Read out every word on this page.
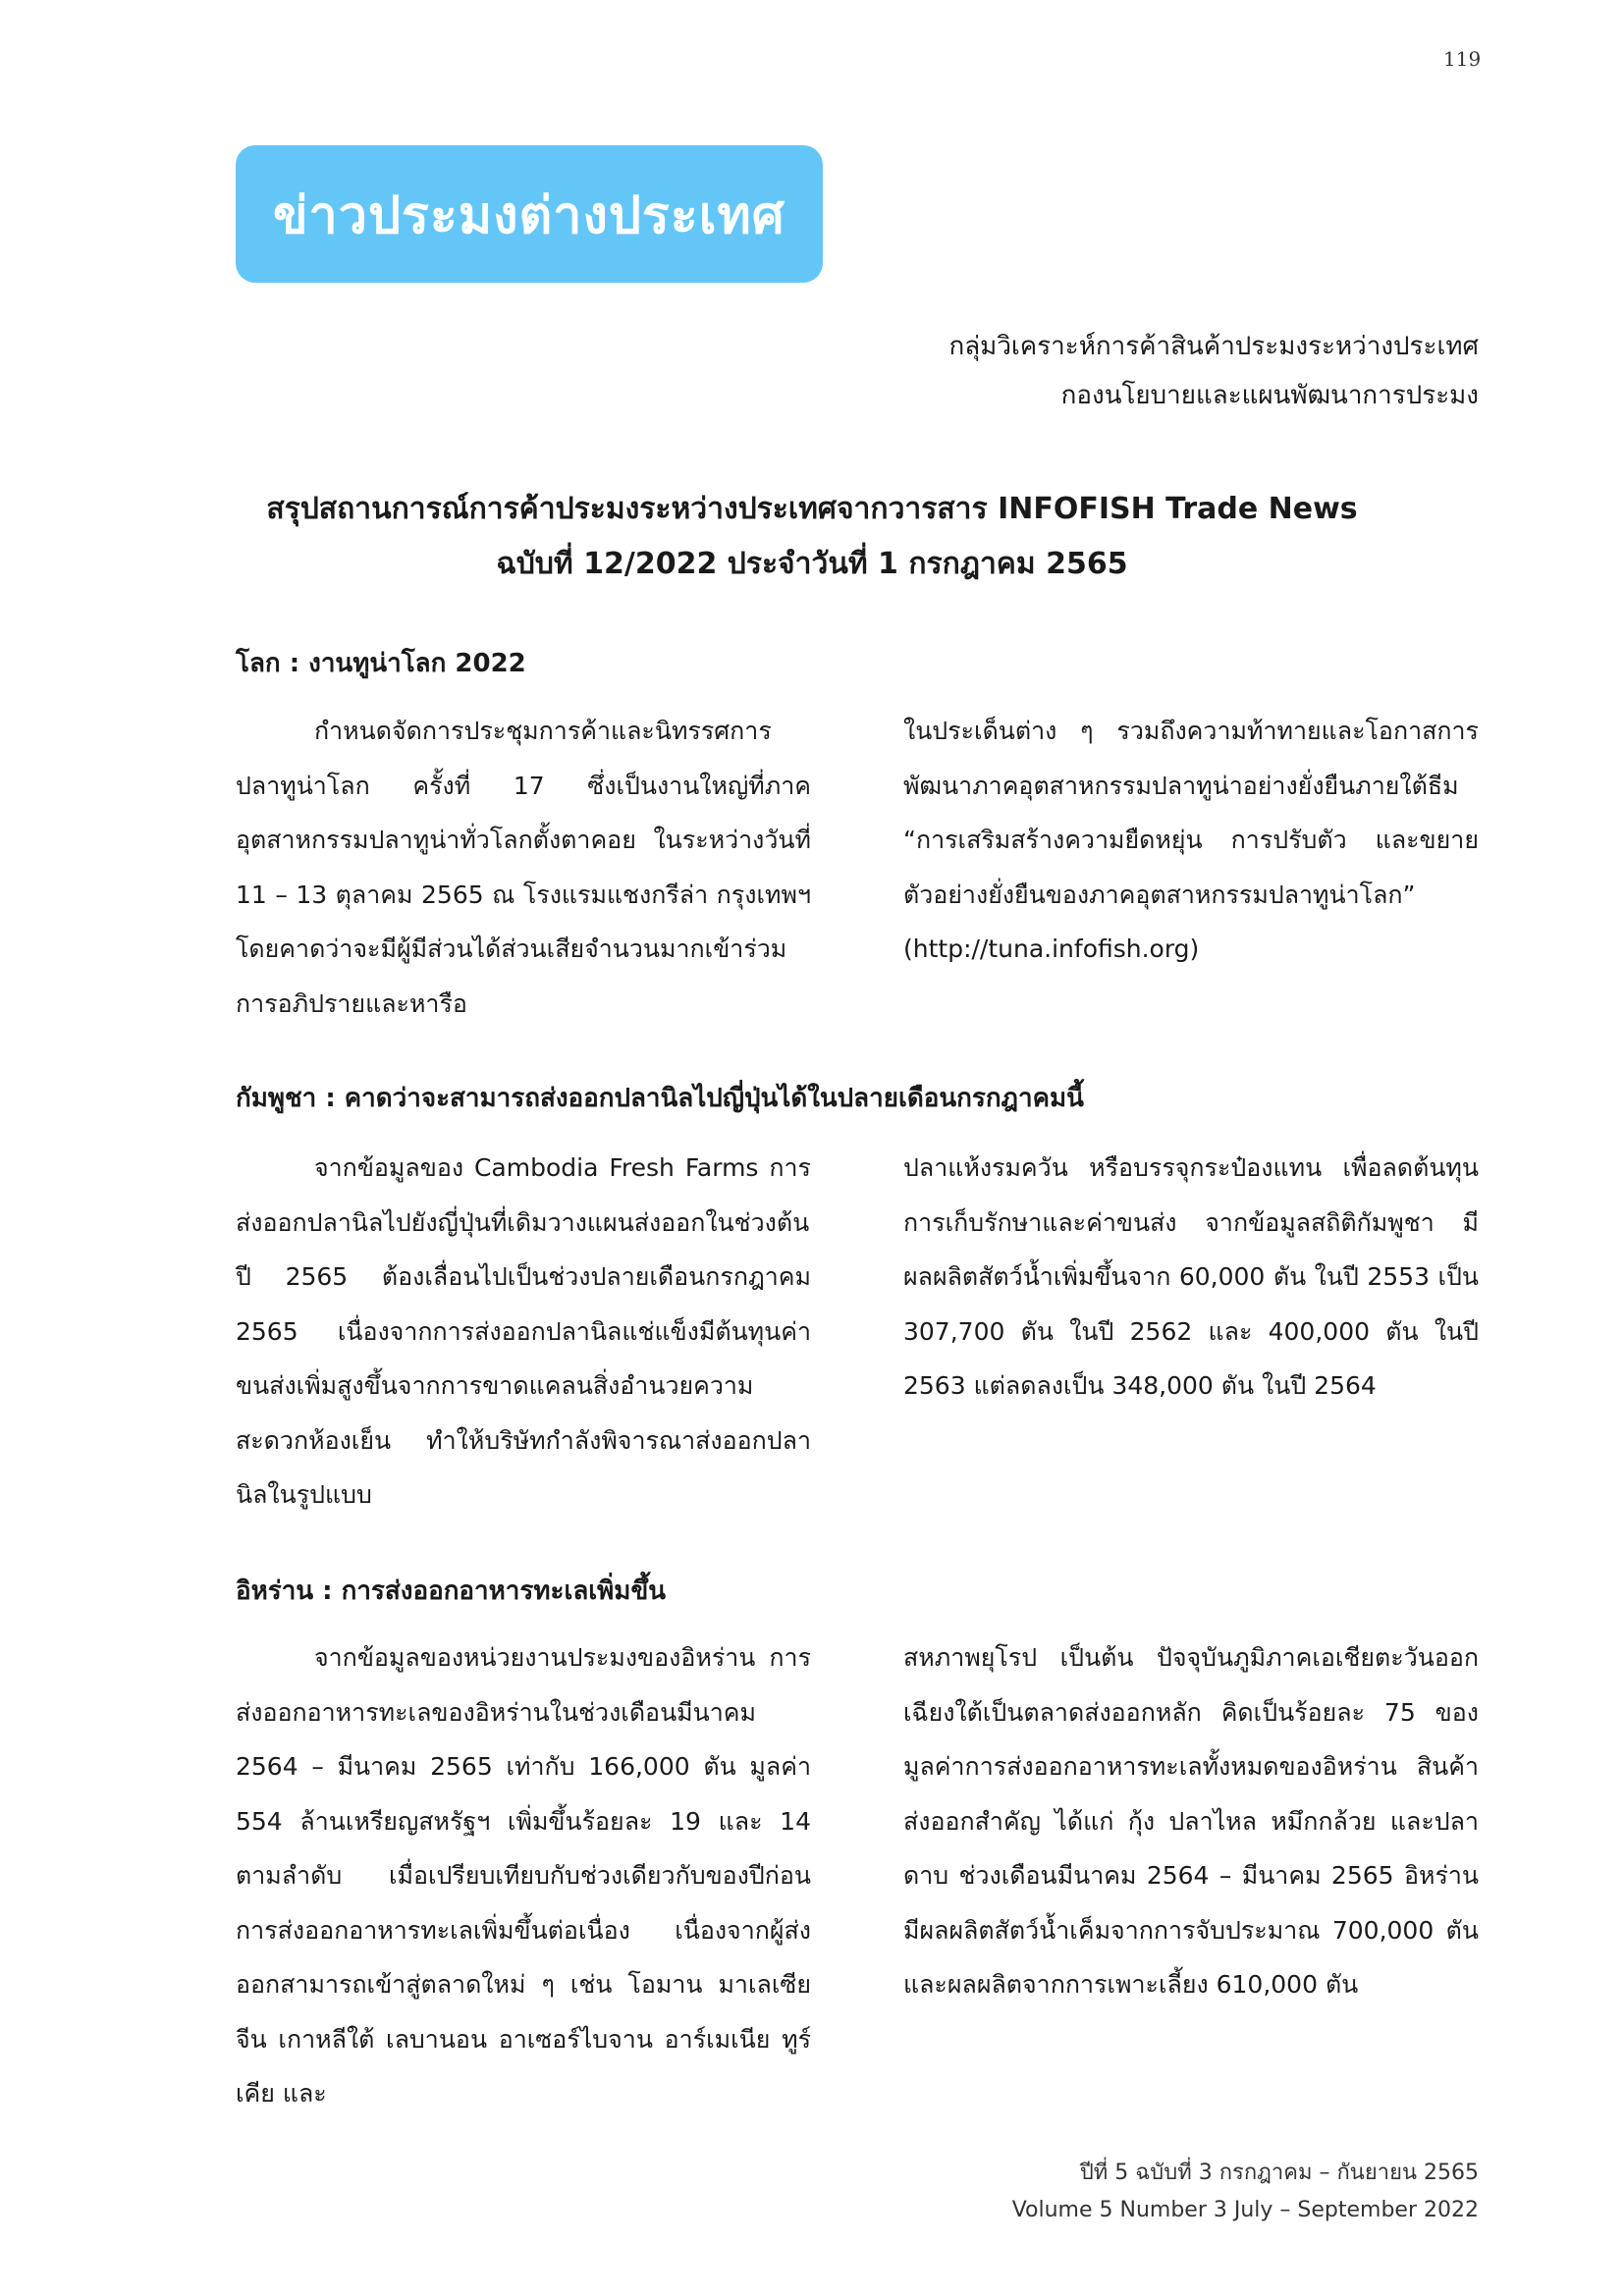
119
ข่าวประมงต่างประเทศ
กลุ่มวิเคราะห์การค้าสินค้าประมงระหว่างประเทศ
กองนโยบายและแผนพัฒนาการประมง
สรุปสถานการณ์การค้าประมงระหว่างประเทศจากวารสาร INFOFISH Trade News
ฉบับที่ 12/2022 ประจำวันที่ 1 กรกฎาคม 2565
โลก : งานทูน่าโลก 2022
กำหนดจัดการประชุมการค้าและนิทรรศการปลาทูน่าโลก ครั้งที่ 17 ซึ่งเป็นงานใหญ่ที่ภาคอุตสาหกรรมปลาทูน่าทั่วโลกตั้งตาคอย ในระหว่างวันที่ 11 – 13 ตุลาคม 2565 ณ โรงแรมแชงกรีล่า กรุงเทพฯ โดยคาดว่าจะมีผู้มีส่วนได้ส่วนเสียจำนวนมากเข้าร่วมการอภิปรายและหารือ
ในประเด็นต่าง ๆ รวมถึงความท้าทายและโอกาสการพัฒนาภาคอุตสาหกรรมปลาทูน่าอย่างยั่งยืนภายใต้ธีม “การเสริมสร้างความยืดหยุ่น การปรับตัว และขยายตัวอย่างยั่งยืนของภาคอุตสาหกรรมปลาทูน่าโลก” (http://tuna.infofish.org)
กัมพูชา : คาดว่าจะสามารถส่งออกปลานิลไปญี่ปุ่นได้ในปลายเดือนกรกฎาคมนี้
จากข้อมูลของ Cambodia Fresh Farms การส่งออกปลานิลไปยังญี่ปุ่นที่เดิมวางแผนส่งออกในช่วงต้นปี 2565 ต้องเลื่อนไปเป็นช่วงปลายเดือนกรกฎาคม 2565 เนื่องจากการส่งออกปลานิลแช่แข็งมีต้นทุนค่าขนส่งเพิ่มสูงขึ้นจากการขาดแคลนสิ่งอำนวยความสะดวกห้องเย็น ทำให้บริษัทกำลังพิจารณาส่งออกปลานิลในรูปแบบ
ปลาแห้งรมควัน หรือบรรจุกระป๋องแทน เพื่อลดต้นทุนการเก็บรักษาและค่าขนส่ง จากข้อมูลสถิติกัมพูชา มีผลผลิตสัตว์น้ำเพิ่มขึ้นจาก 60,000 ตัน ในปี 2553 เป็น 307,700 ตัน ในปี 2562 และ 400,000 ตัน ในปี 2563 แต่ลดลงเป็น 348,000 ตัน ในปี 2564
อิหร่าน : การส่งออกอาหารทะเลเพิ่มขึ้น
จากข้อมูลของหน่วยงานประมงของอิหร่าน การส่งออกอาหารทะเลของอิหร่านในช่วงเดือนมีนาคม 2564 – มีนาคม 2565 เท่ากับ 166,000 ตัน มูลค่า 554 ล้านเหรียญสหรัฐฯ เพิ่มขึ้นร้อยละ 19 และ 14 ตามลำดับ เมื่อเปรียบเทียบกับช่วงเดียวกับของปีก่อน การส่งออกอาหารทะเลเพิ่มขึ้นต่อเนื่อง เนื่องจากผู้ส่งออกสามารถเข้าสู่ตลาดใหม่ ๆ เช่น โอมาน มาเลเซีย จีน เกาหลีใต้ เลบานอน อาเซอร์ไบจาน อาร์เมเนีย ทูร์เคีย และ
สหภาพยุโรป เป็นต้น ปัจจุบันภูมิภาคเอเชียตะวันออกเฉียงใต้เป็นตลาดส่งออกหลัก คิดเป็นร้อยละ 75 ของมูลค่าการส่งออกอาหารทะเลทั้งหมดของอิหร่าน สินค้าส่งออกสำคัญ ได้แก่ กุ้ง ปลาไหล หมึกกล้วย และปลาดาบ ช่วงเดือนมีนาคม 2564 – มีนาคม 2565 อิหร่านมีผลผลิตสัตว์น้ำเค็มจากการจับประมาณ 700,000 ตัน และผลผลิตจากการเพาะเลี้ยง 610,000 ตัน
ปีที่ 5 ฉบับที่ 3 กรกฎาคม – กันยายน 2565
Volume 5 Number 3 July – September 2022
